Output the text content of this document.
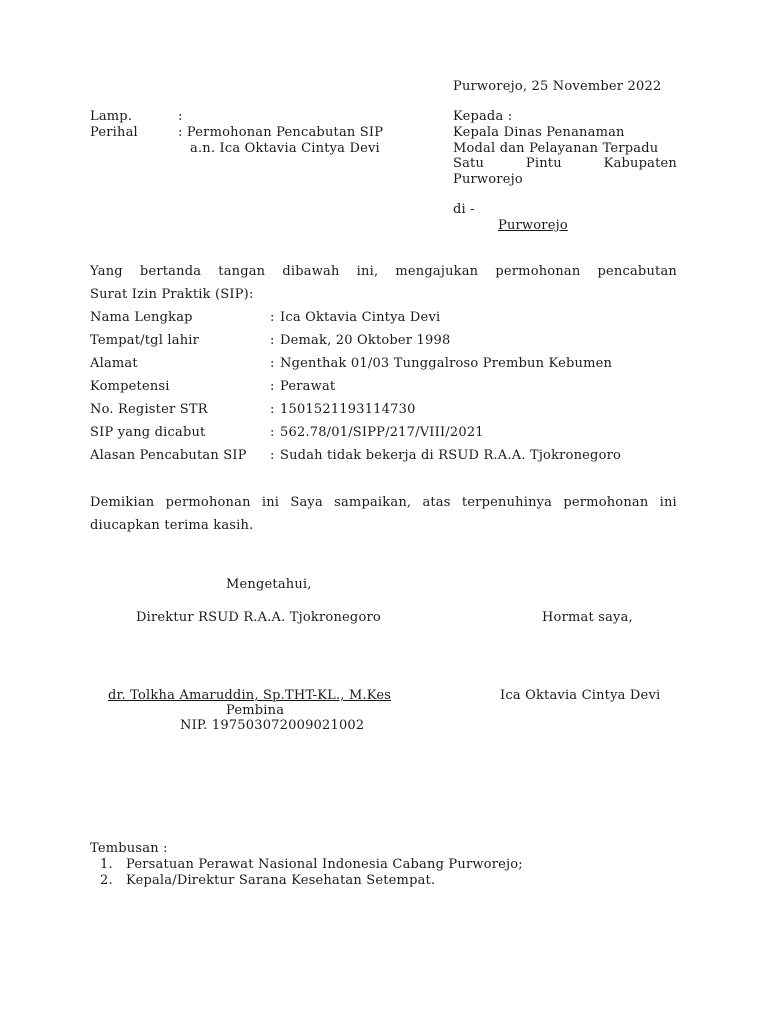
Purworejo, 25 November 2022
Lamp.	:
Perihal	: Permohonan Pencabutan SIP
a.n. Ica Oktavia Cintya Devi
Kepada :
Kepala Dinas Penanaman
Modal dan Pelayanan Terpadu
Satu	Pintu	Kabupaten
Purworejo
di -
Purworejo
Yang bertanda tangan dibawah ini, mengajukan permohonan pencabutan
Surat Izin Praktik (SIP):
Nama Lengkap	: Ica Oktavia Cintya Devi
Tempat/tgl lahir	: Demak, 20 Oktober 1998
Alamat	: Ngenthak 01/03 Tunggalroso Prembun Kebumen
Kompetensi	: Perawat
No. Register STR	: 1501521193114730
SIP yang dicabut	: 562.78/01/SIPP/217/VIII/2021
Alasan Pencabutan SIP : Sudah tidak bekerja di RSUD R.A.A. Tjokronegoro
Demikian permohonan ini Saya sampaikan, atas terpenuhinya permohonan ini
diucapkan terima kasih.
Mengetahui,
Direktur RSUD R.A.A. Tjokronegoro	Hormat saya,
dr. Tolkha Amaruddin, Sp.THT-KL., M.Kes
Pembina
NIP. 197503072009021002
Ica Oktavia Cintya Devi
Tembusan :
1. Persatuan Perawat Nasional Indonesia Cabang Purworejo;
2. Kepala/Direktur Sarana Kesehatan Setempat.
